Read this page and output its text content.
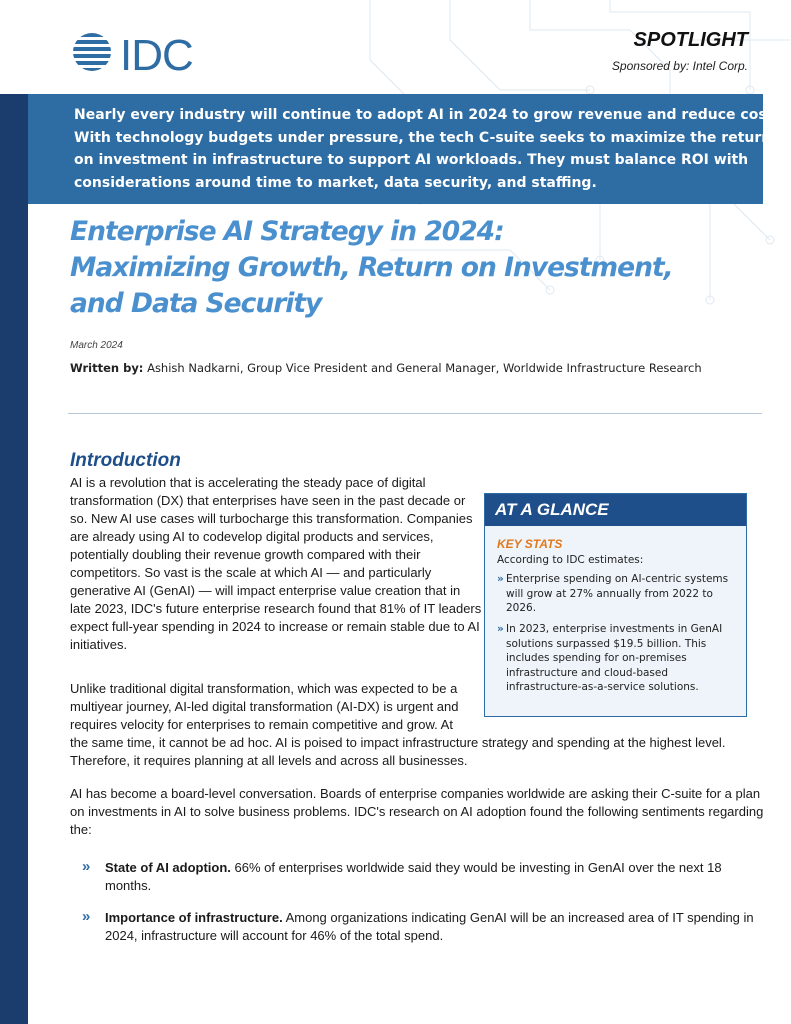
IDC	SPOTLIGHT
Sponsored by: Intel Corp.

Nearly every industry will continue to adopt AI in 2024 to grow revenue and reduce costs.
With technology budgets under pressure, the tech C-suite seeks to maximize the return
on investment in infrastructure to support AI workloads. They must balance ROI with
considerations around time to market, data security, and staffing.

Enterprise AI Strategy in 2024:
Maximizing Growth, Return on Investment,
and Data Security
March 2024
Written by: Ashish Nadkarni, Group Vice President and General Manager, Worldwide Infrastructure Research
Introduction

AI is a revolution that is accelerating the steady pace of digital
transformation (DX) that enterprises have seen in the past decade or
so. New AI use cases will turbocharge this transformation. Companies
are already using AI to codevelop digital products and services,
potentially doubling their revenue growth compared with their
competitors. So vast is the scale at which AI — and particularly
generative AI (GenAI) — will impact enterprise value creation that in
late 2023, IDC's future enterprise research found that 81% of IT leaders
expect full-year spending in 2024 to increase or remain stable due to AI
initiatives.

Unlike traditional digital transformation, which was expected to be a
multiyear journey, AI-led digital transformation (AI-DX) is urgent and
requires velocity for enterprises to remain competitive and grow. At
the same time, it cannot be ad hoc. AI is poised to impact infrastructure strategy and spending at the highest level.
Therefore, it requires planning at all levels and across all businesses.

AI has become a board-level conversation. Boards of enterprise companies worldwide are asking their C-suite for a plan
on investments in AI to solve business problems. IDC's research on AI adoption found the following sentiments regarding
the:

» State of AI adoption. 66% of enterprises worldwide said they would be investing in GenAI over the next 18
months.
» Importance of infrastructure. Among organizations indicating GenAI will be an increased area of IT spending in
2024, infrastructure will account for 46% of the total spend.
AT A GLANCE
KEY STATS
According to IDC estimates:
» Enterprise spending on AI-centric systems
will grow at 27% annually from 2022 to
2026.
» In 2023, enterprise investments in GenAI
solutions surpassed $19.5 billion. This
includes spending for on-premises
infrastructure and cloud-based
infrastructure-as-a-service solutions.
